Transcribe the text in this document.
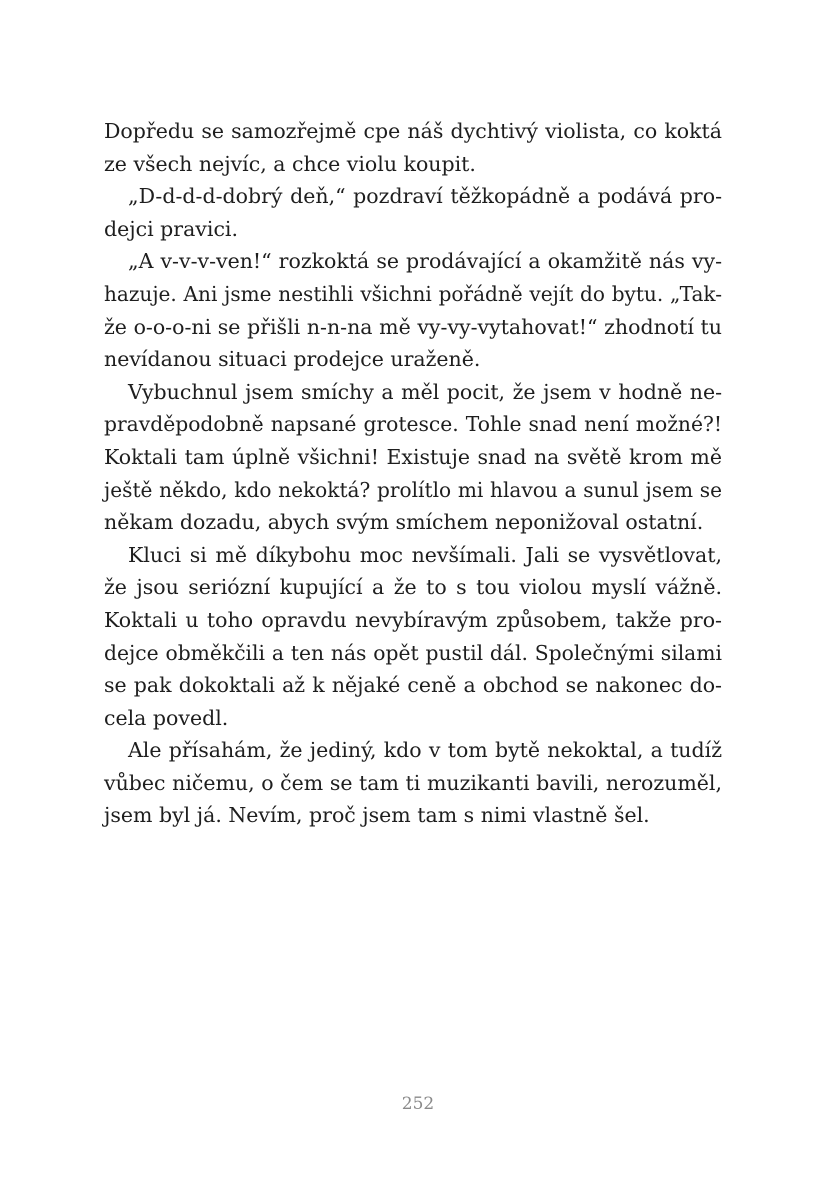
Dopředu se samozřejmě cpe náš dychtivý violista, co koktá
ze všech nejvíc, a chce violu koupit.

„D-d-d-d-dobrý deň,“ pozdraví těžkopádně a podává pro-
dejci pravici.

„A v-v-v-ven!“ rozkoktá se prodávající a okamžitě nás vy-
hazuje. Ani jsme nestihli všichni pořádně vejít do bytu. „Tak-
že o-o-o-ni se přišli n-n-na mě vy-vy-vytahovat!“ zhodnotí tu
nevídanou situaci prodejce uraženě.

Vybuchnul jsem smíchy a měl pocit, že jsem v hodně ne-
pravděpodobně napsané grotesce. Tohle snad není možné?!
Koktali tam úplně všichni! Existuje snad na světě krom mě
ještě někdo, kdo nekoktá? prolítlo mi hlavou a sunul jsem se
někam dozadu, abych svým smíchem neponižoval ostatní.

Kluci si mě díkybohu moc nevšímali. Jali se vysvětlovat,
že jsou seriózní kupující a že to s tou violou myslí vážně.
Koktali u toho opravdu nevybíravým způsobem, takže pro-
dejce obměkčili a ten nás opět pustil dál. Společnými silami
se pak dokoktali až k nějaké ceně a obchod se nakonec do-
cela povedl.

Ale přísahám, že jediný, kdo v tom bytě nekoktal, a tudíž
vůbec ničemu, o čem se tam ti muzikanti bavili, nerozuměl,
jsem byl já. Nevím, proč jsem tam s nimi vlastně šel.

252
